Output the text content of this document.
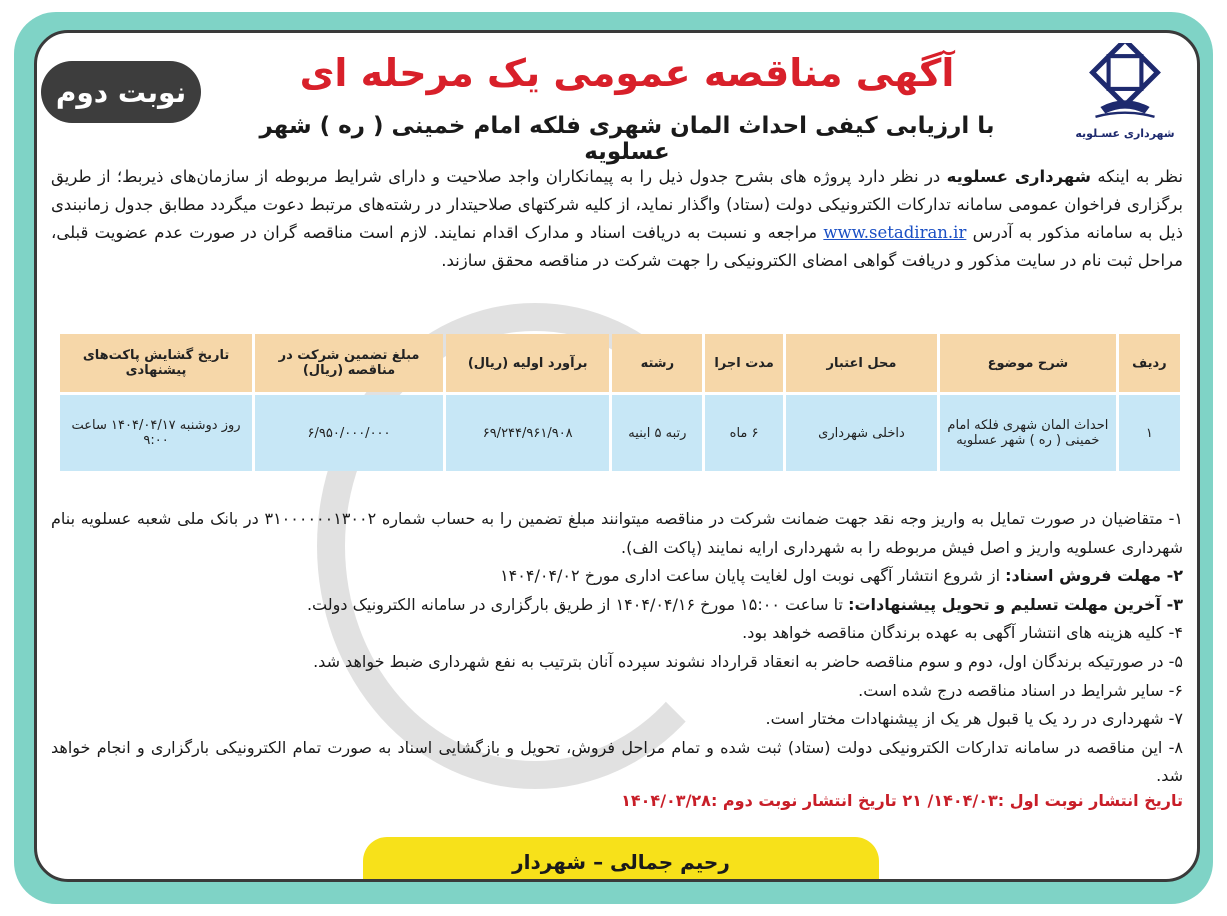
نوبت دوم
شهرداری عسـلویه
آگهی مناقصه عمومی یک مرحله ای
با ارزیابی کیفی احداث المان شهری فلکه امام خمینی ( ره ) شهر عسلویه
نظر به اینکه شهرداری عسلویه در نظر دارد پروژه های بشرح جدول ذیل را به پیمانکاران واجد صلاحیت و دارای شرایط مربوطه از سازمان‌های ذیربط؛ از طریق برگزاری فراخوان عمومی سامانه تدارکات الکترونیکی دولت (ستاد) واگذار نماید، از کلیه شرکتهای صلاحیتدار در رشته‌های مرتبط دعوت میگردد مطابق جدول زمانبندی ذیل به سامانه مذکور به آدرس www.setadiran.ir مراجعه و نسبت به دریافت اسناد و مدارک اقدام نمایند. لازم است مناقصه گران در صورت عدم عضویت قبلی، مراحل ثبت نام در سایت مذکور و دریافت گواهی امضای الکترونیکی را جهت شرکت در مناقصه محقق سازند.
ردیف	شرح موضوع	محل اعتبار	مدت اجرا	رشته	برآورد اولیه (ریال)	مبلغ تضمین شرکت در مناقصه (ریال)	تاریخ گشایش پاکت‌های پیشنهادی
۱	احداث المان شهری فلکه امام خمینی ( ره ) شهر عسلویه	داخلی شهرداری	۶ ماه	رتبه ۵ ابنیه	۶۹/۲۴۴/۹۶۱/۹۰۸	۶/۹۵۰/۰۰۰/۰۰۰	روز دوشنبه ۱۴۰۴/۰۴/۱۷ ساعت ۹:۰۰
۱- متقاضیان در صورت تمایل به واریز وجه نقد جهت ضمانت شرکت در مناقصه میتوانند مبلغ تضمین را به حساب شماره ۳۱۰۰۰۰۰۰۱۳۰۰۲ در بانک ملی شعبه عسلویه بنام شهرداری عسلویه واریز و اصل فیش مربوطه را به شهرداری ارایه نمایند (پاکت الف).
۲- مهلت فروش اسناد: از شروع انتشار آگهی نوبت اول لغایت پایان ساعت اداری مورخ ۱۴۰۴/۰۴/۰۲
۳- آخرین مهلت تسلیم و تحویل پیشنهادات: تا ساعت ۱۵:۰۰ مورخ ۱۴۰۴/۰۴/۱۶ از طریق بارگزاری در سامانه الکترونیک دولت.
۴- کلیه هزینه های انتشار آگهی به عهده برندگان مناقصه خواهد بود.
۵- در صورتیکه برندگان اول، دوم و سوم مناقصه حاضر به انعقاد قرارداد نشوند سپرده آنان بترتیب به نفع شهرداری ضبط خواهد شد.
۶- سایر شرایط در اسناد مناقصه درج شده است.
۷- شهرداری در رد یک یا قبول هر یک از پیشنهادات مختار است.
۸- این مناقصه در سامانه تدارکات الکترونیکی دولت (ستاد) ثبت شده و تمام مراحل فروش، تحویل و بازگشایی اسناد به صورت تمام الکترونیکی بارگزاری و انجام خواهد شد.
تاریخ انتشار نوبت اول :۱۴۰۴/۰۳/ ۲۱ تاریخ انتشار نوبت دوم :۱۴۰۴/۰۳/۲۸
رحیم جمالی – شهردار
